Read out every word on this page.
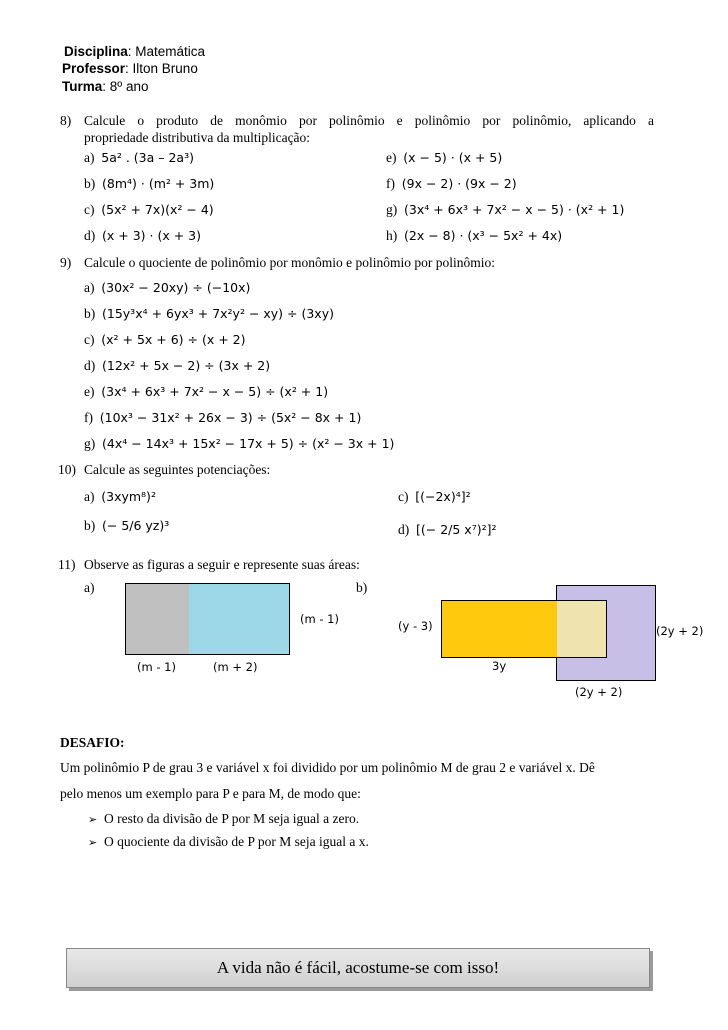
Disciplina: Matemática
Professor: Ilton Bruno
Turma: 8º ano
8) Calcule o produto de monômio por polinômio e polinômio por polinômio, aplicando a
propriedade distributiva da multiplicação:
a) 5a² . (3a – 2a³)
b) (8m⁴) · (m² + 3m)
c) (5x² + 7x)(x² − 4)
d) (x + 3) · (x + 3)
e) (x − 5) · (x + 5)
f) (9x − 2) · (9x − 2)
g) (3x⁴ + 6x³ + 7x² − x − 5) · (x² + 1)
h) (2x − 8) · (x³ − 5x² + 4x)
9) Calcule o quociente de polinômio por monômio e polinômio por polinômio:
a) (30x² − 20xy) ÷ (−10x)
b) (15y³x⁴ + 6yx³ + 7x²y² − xy) ÷ (3xy)
c) (x² + 5x + 6) ÷ (x + 2)
d) (12x² + 5x − 2) ÷ (3x + 2)
e) (3x⁴ + 6x³ + 7x² − x − 5) ÷ (x² + 1)
f) (10x³ − 31x² + 26x − 3) ÷ (5x² − 8x + 1)
g) (4x⁴ − 14x³ + 15x² − 17x + 5) ÷ (x² − 3x + 1)
10) Calcule as seguintes potenciações:
a) (3xym⁸)²
b) (− 5/6 yz)³
c) [(−2x)⁴]²
d) [(− 2/5 x⁷)²]²
11) Observe as figuras a seguir e represente suas áreas:
a)	b)
(m - 1)
(m - 1)	(m + 2)
(y - 3)
3y
(2y + 2)
(2y + 2)
DESAFIO:
Um polinômio P de grau 3 e variável x foi dividido por um polinômio M de grau 2 e variável x. Dê
pelo menos um exemplo para P e para M, de modo que:
➢ O resto da divisão de P por M seja igual a zero.
➢ O quociente da divisão de P por M seja igual a x.
A vida não é fácil, acostume-se com isso!
